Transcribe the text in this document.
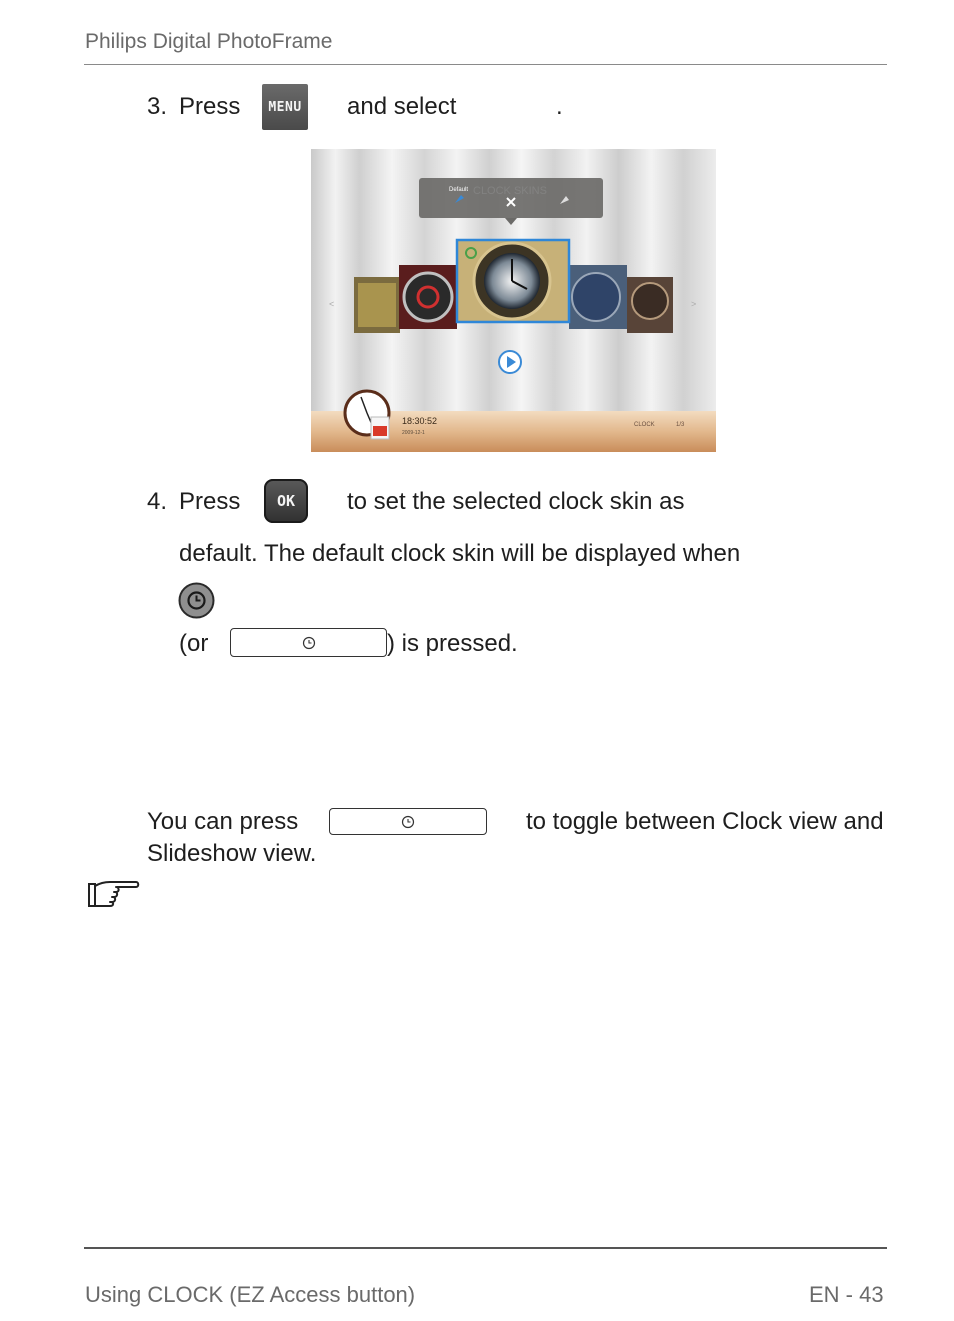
Philips Digital PhotoFrame
3. Press	MENU and select	.
Default CLOCK SKINS
<	>
18:30:52
2009-12-1
CLOCK	1/3
4. Press	OK	to set the selected clock skin as
default. The default clock skin will be displayed when
(or	) is pressed.
You can press	to toggle between Clock view and
Slideshow view.
Using CLOCK (EZ Access button)	EN - 43
